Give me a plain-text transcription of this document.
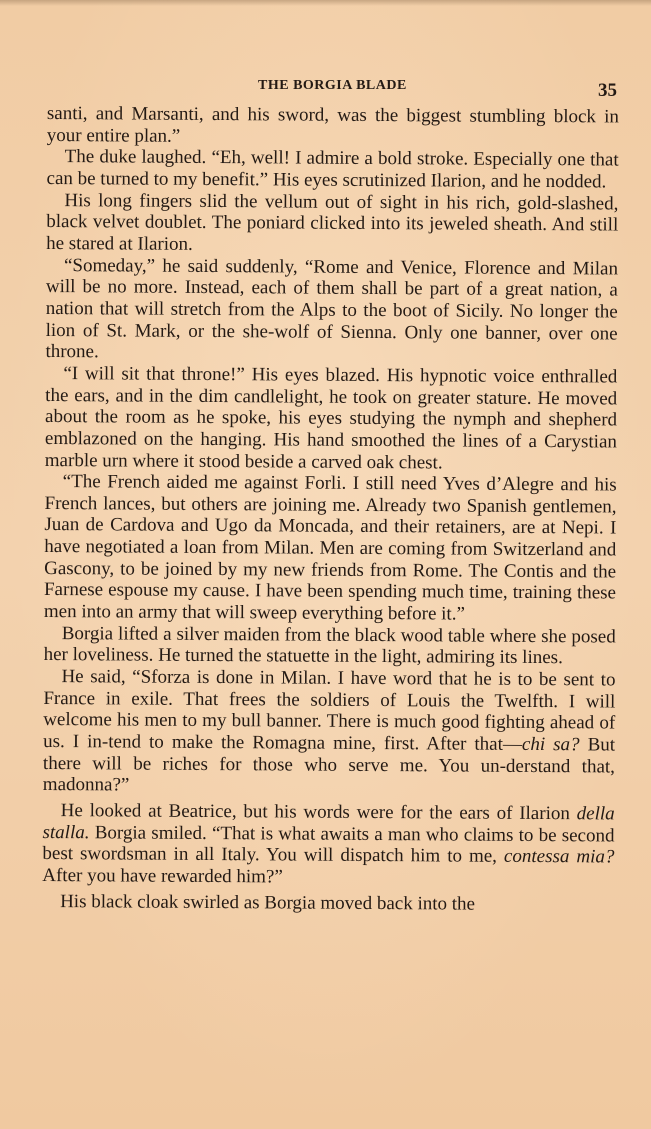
THE BORGIA BLADE	35

santi, and Marsanti, and his sword, was the biggest stumbling block in your entire plan.”

The duke laughed. “Eh, well! I admire a bold stroke. Especially one that can be turned to my benefit.” His eyes scrutinized Ilarion, and he nodded.

His long fingers slid the vellum out of sight in his rich, gold-slashed, black velvet doublet. The poniard clicked into its jeweled sheath. And still he stared at Ilarion.

“Someday,” he said suddenly, “Rome and Venice, Florence and Milan will be no more. Instead, each of them shall be part of a great nation, a nation that will stretch from the Alps to the boot of Sicily. No longer the lion of St. Mark, or the she-wolf of Sienna. Only one banner, over one throne.

“I will sit that throne!” His eyes blazed. His hypnotic voice enthralled the ears, and in the dim candlelight, he took on greater stature. He moved about the room as he spoke, his eyes studying the nymph and shepherd emblazoned on the hanging. His hand smoothed the lines of a Carystian marble urn where it stood beside a carved oak chest.

“The French aided me against Forli. I still need Yves d’Alegre and his French lances, but others are joining me. Already two Spanish gentlemen, Juan de Cardova and Ugo da Moncada, and their retainers, are at Nepi. I have negotiated a loan from Milan. Men are coming from Switzerland and Gascony, to be joined by my new friends from Rome. The Contis and the Farnese espouse my cause. I have been spending much time, training these men into an army that will sweep everything before it.”

Borgia lifted a silver maiden from the black wood table where she posed her loveliness. He turned the statuette in the light, admiring its lines.

He said, “Sforza is done in Milan. I have word that he is to be sent to France in exile. That frees the soldiers of Louis the Twelfth. I will welcome his men to my bull banner. There is much good fighting ahead of us. I in-tend to make the Romagna mine, first. After that—chi sa? But there will be riches for those who serve me. You un-derstand that, madonna?”

He looked at Beatrice, but his words were for the ears of Ilarion della stalla. Borgia smiled. “That is what awaits a man who claims to be second best swordsman in all Italy. You will dispatch him to me, contessa mia? After you have rewarded him?”

His black cloak swirled as Borgia moved back into the
